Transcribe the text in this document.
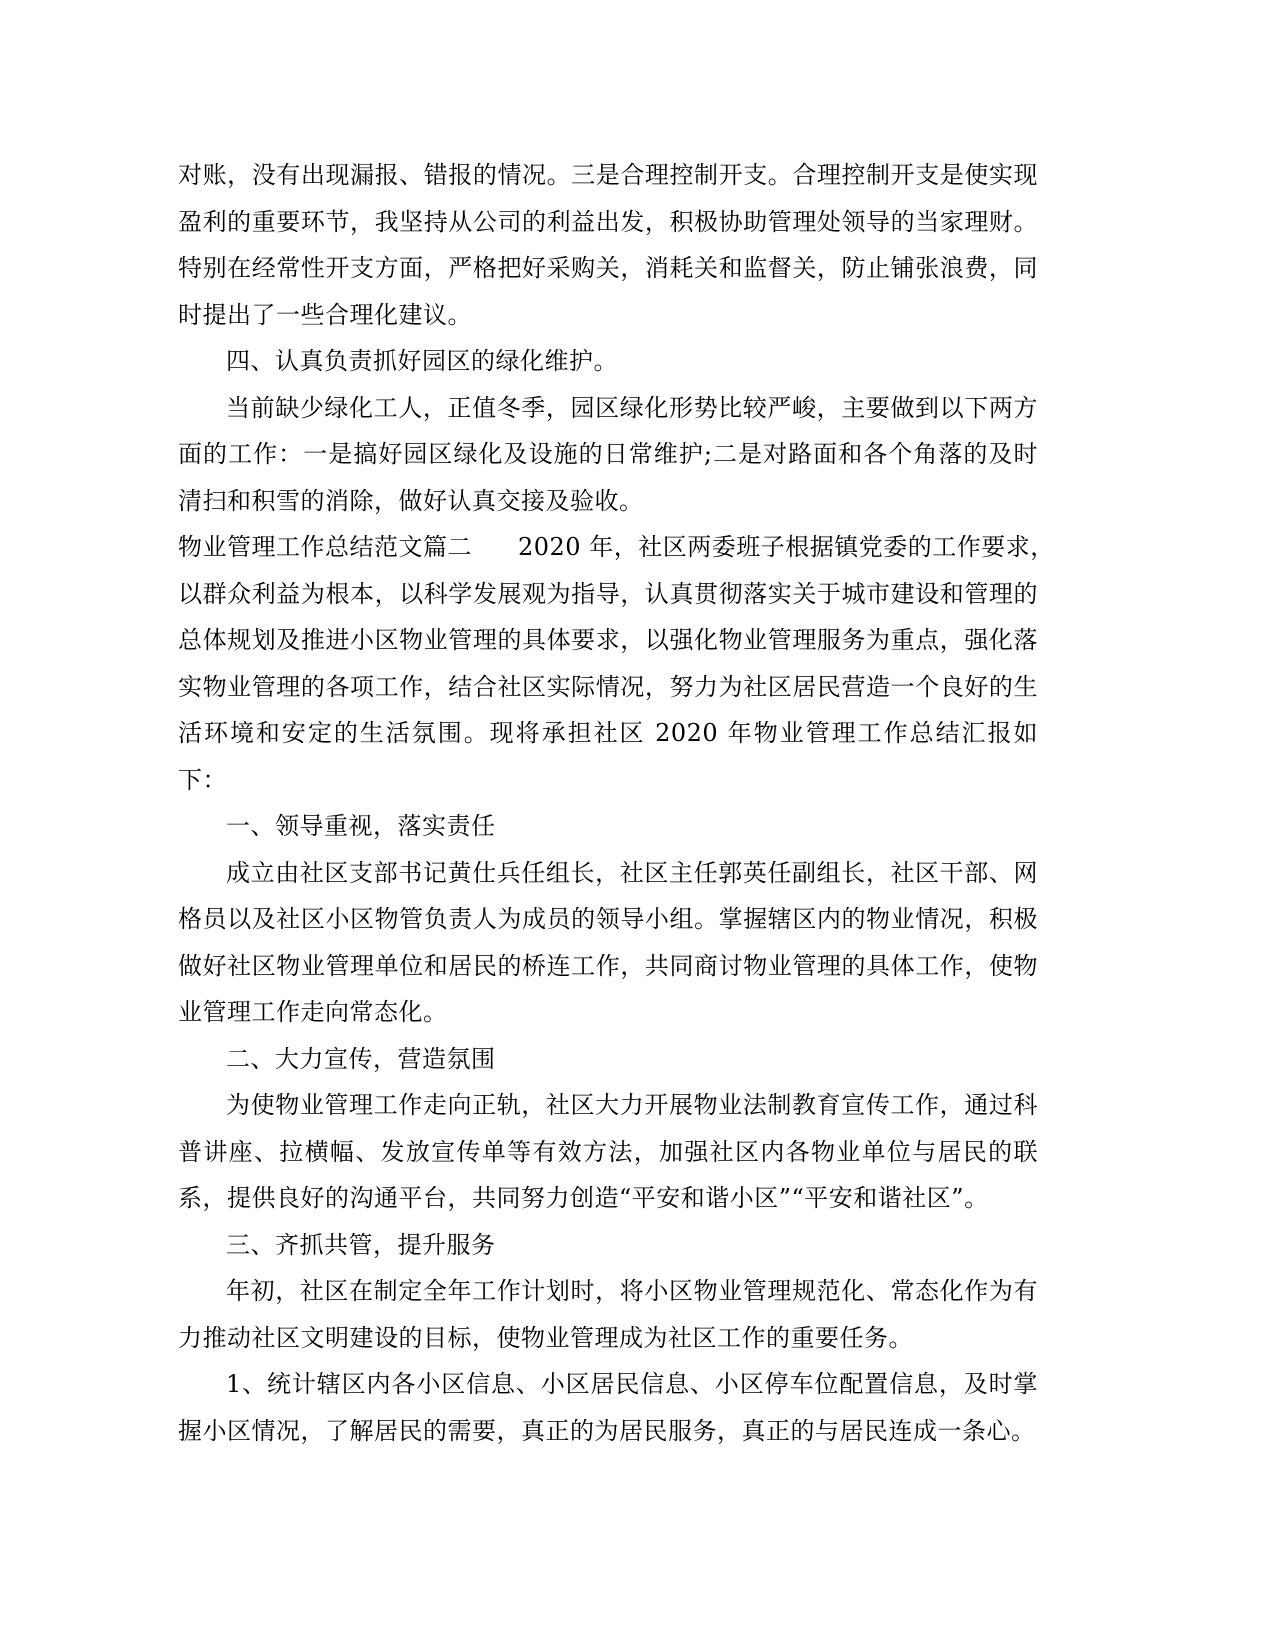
对账，没有出现漏报、错报的情况。三是合理控制开支。合理控制开支是使实现盈利的重要环节，我坚持从公司的利益出发，积极协助管理处领导的当家理财。特别在经常性开支方面，严格把好采购关，消耗关和监督关，防止铺张浪费，同时提出了一些合理化建议。

四、认真负责抓好园区的绿化维护。

当前缺少绿化工人，正值冬季，园区绿化形势比较严峻，主要做到以下两方面的工作：一是搞好园区绿化及设施的日常维护;二是对路面和各个角落的及时清扫和积雪的消除，做好认真交接及验收。

物业管理工作总结范文篇二 2020 年，社区两委班子根据镇党委的工作要求，

以群众利益为根本，以科学发展观为指导，认真贯彻落实关于城市建设和管理的总体规划及推进小区物业管理的具体要求，以强化物业管理服务为重点，强化落实物业管理的各项工作，结合社区实际情况，努力为社区居民营造一个良好的生活环境和安定的生活氛围。现将承担社区 2020 年物业管理工作总结汇报如下：

一、领导重视，落实责任

成立由社区支部书记黄仕兵任组长，社区主任郭英任副组长，社区干部、网格员以及社区小区物管负责人为成员的领导小组。掌握辖区内的物业情况，积极做好社区物业管理单位和居民的桥连工作，共同商讨物业管理的具体工作，使物业管理工作走向常态化。

二、大力宣传，营造氛围

为使物业管理工作走向正轨，社区大力开展物业法制教育宣传工作，通过科普讲座、拉横幅、发放宣传单等有效方法，加强社区内各物业单位与居民的联系，提供良好的沟通平台，共同努力创造“平安和谐小区”“平安和谐社区”。

三、齐抓共管，提升服务

年初，社区在制定全年工作计划时，将小区物业管理规范化、常态化作为有力推动社区文明建设的目标，使物业管理成为社区工作的重要任务。

1、统计辖区内各小区信息、小区居民信息、小区停车位配置信息，及时掌握小区情况，了解居民的需要，真正的为居民服务，真正的与居民连成一条心。
